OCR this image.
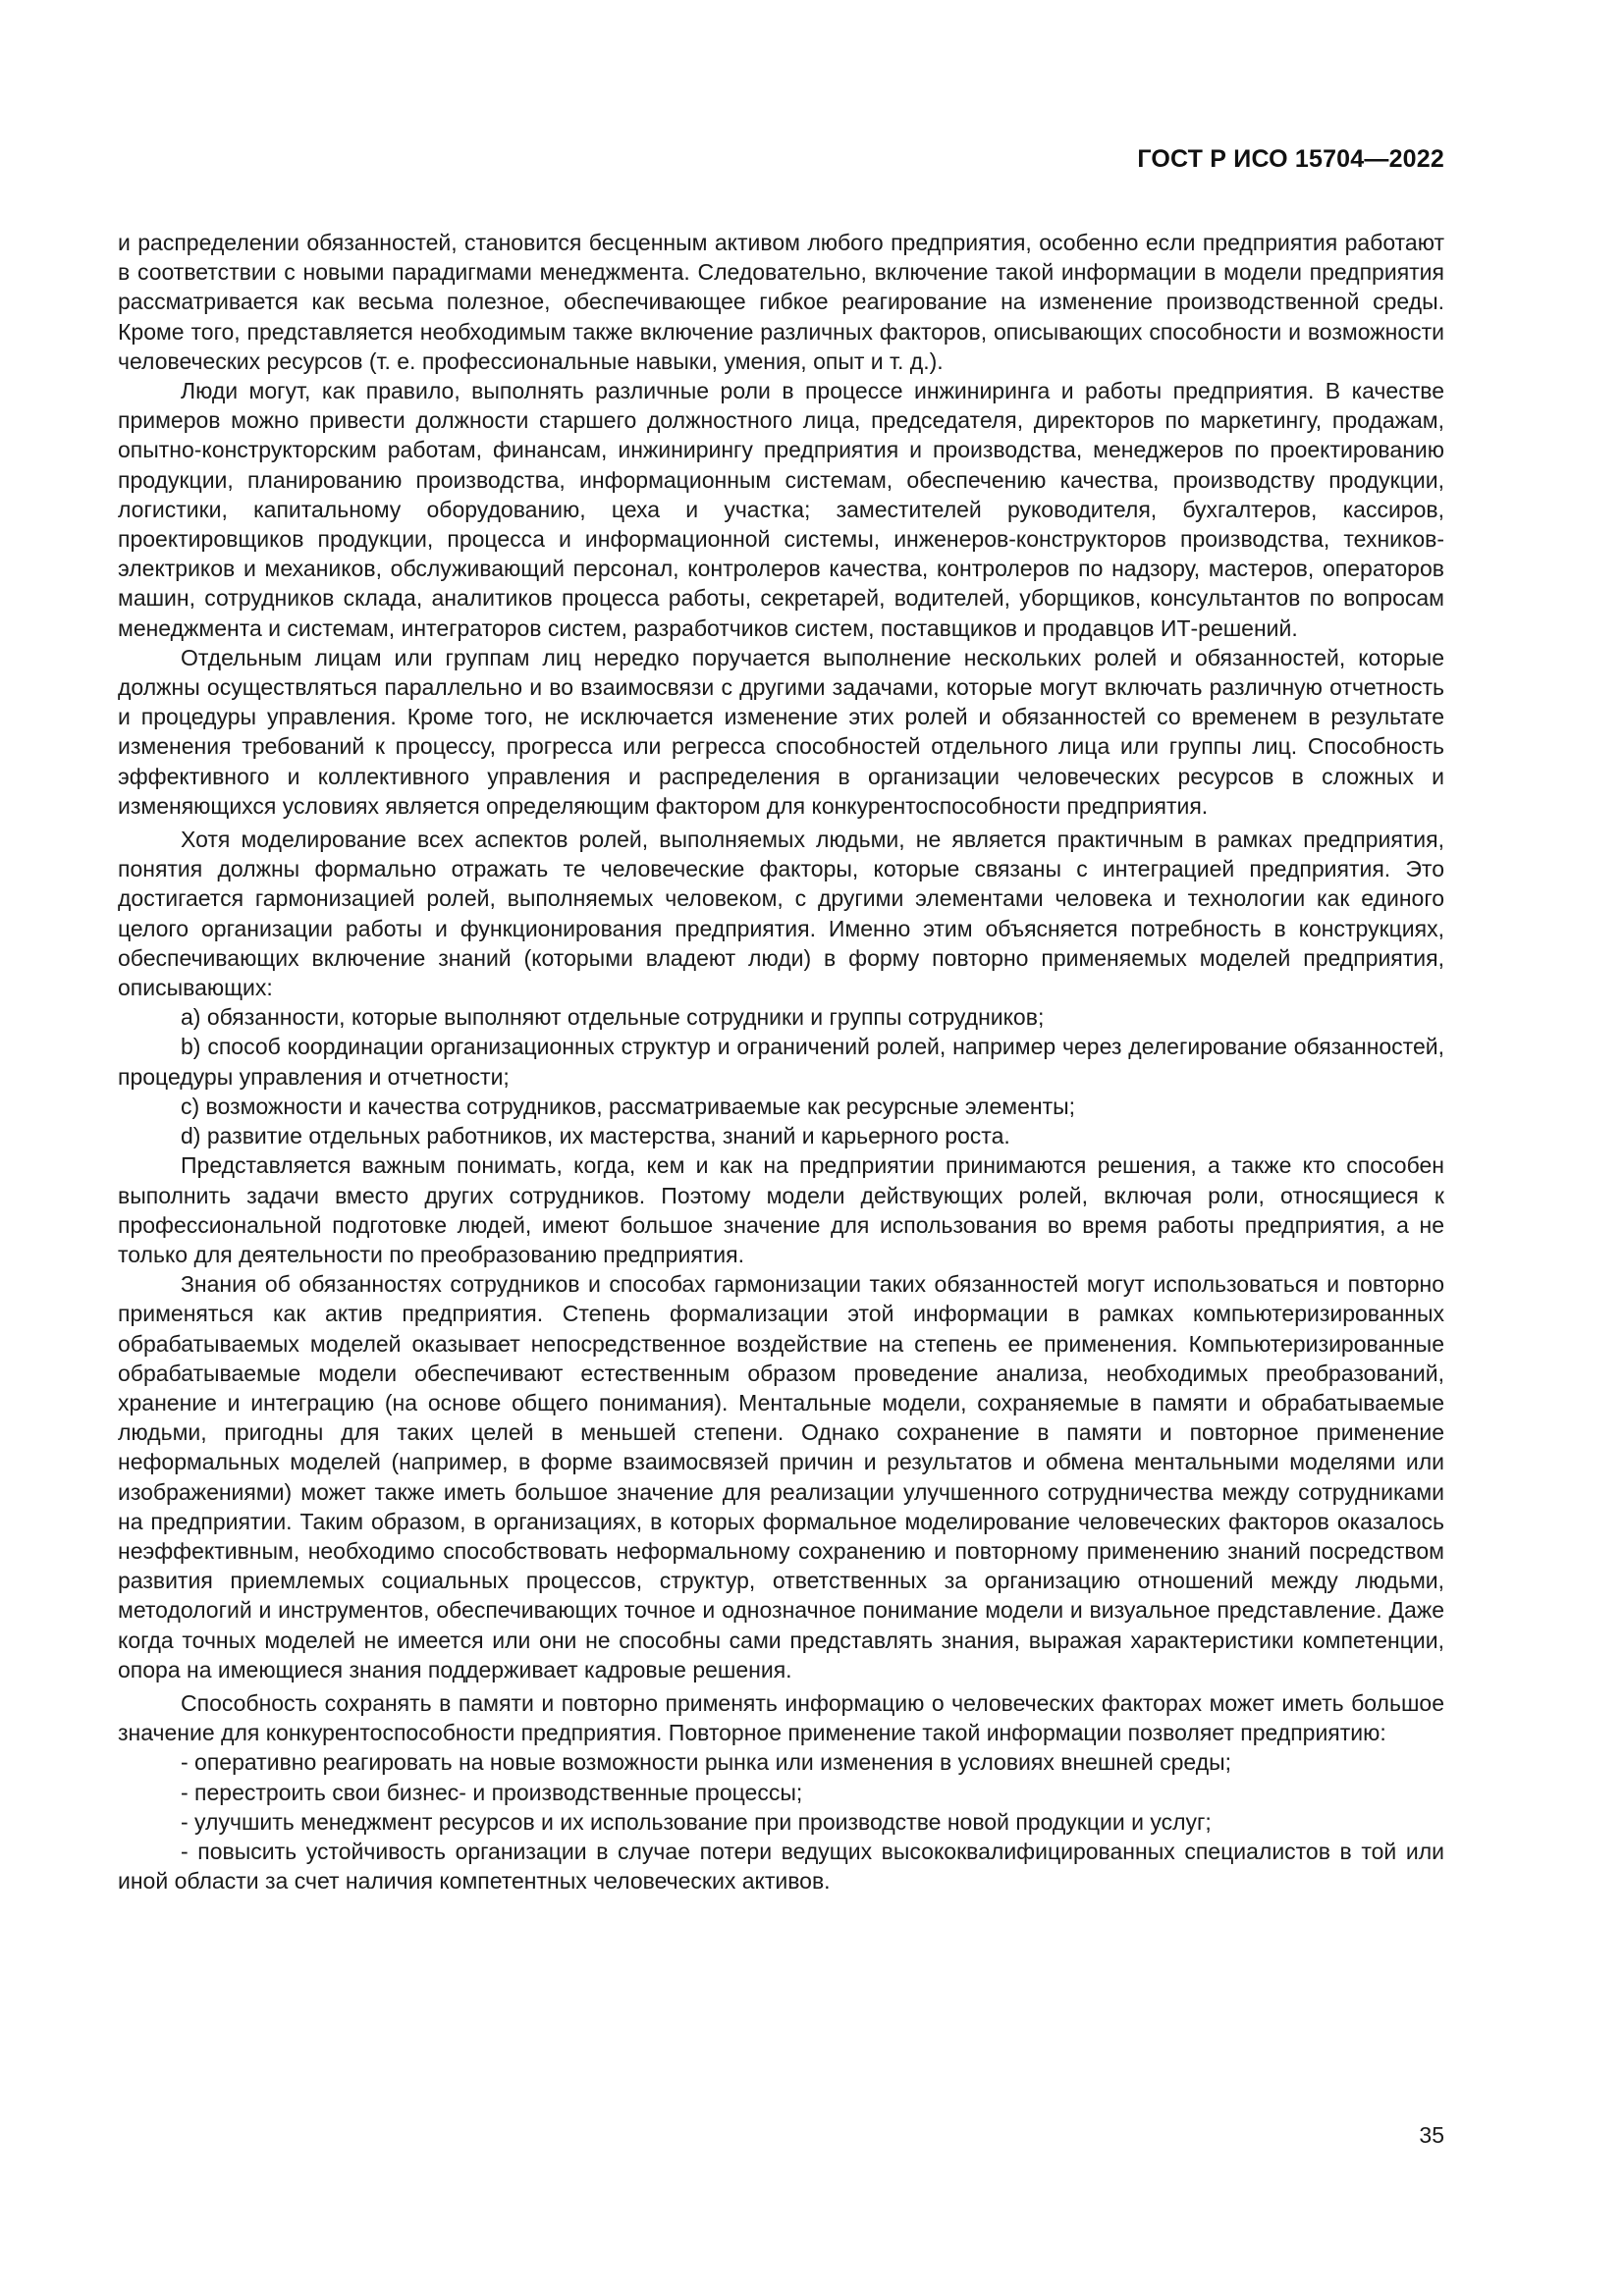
ГОСТ Р ИСО 15704—2022

и распределении обязанностей, становится бесценным активом любого предприятия, особенно если предприятия работают в соответствии с новыми парадигмами менеджмента. Следовательно, включение такой информации в модели предприятия рассматривается как весьма полезное, обеспечивающее гибкое реагирование на изменение производственной среды. Кроме того, представляется необходимым также включение различных факторов, описывающих способности и возможности человеческих ресурсов (т. е. профессиональные навыки, умения, опыт и т. д.).

Люди могут, как правило, выполнять различные роли в процессе инжиниринга и работы предприятия. В качестве примеров можно привести должности старшего должностного лица, председателя, директоров по маркетингу, продажам, опытно-конструкторским работам, финансам, инжинирингу предприятия и производства, менеджеров по проектированию продукции, планированию производства, информационным системам, обеспечению качества, производству продукции, логистики, капитальному оборудованию, цеха и участка; заместителей руководителя, бухгалтеров, кассиров, проектировщиков продукции, процесса и информационной системы, инженеров-конструкторов производства, техников-электриков и механиков, обслуживающий персонал, контролеров качества, контролеров по надзору, мастеров, операторов машин, сотрудников склада, аналитиков процесса работы, секретарей, водителей, уборщиков, консультантов по вопросам менеджмента и системам, интеграторов систем, разработчиков систем, поставщиков и продавцов ИТ-решений.

Отдельным лицам или группам лиц нередко поручается выполнение нескольких ролей и обязанностей, которые должны осуществляться параллельно и во взаимосвязи с другими задачами, которые могут включать различную отчетность и процедуры управления. Кроме того, не исключается изменение этих ролей и обязанностей со временем в результате изменения требований к процессу, прогресса или регресса способностей отдельного лица или группы лиц. Способность эффективного и коллективного управления и распределения в организации человеческих ресурсов в сложных и изменяющихся условиях является определяющим фактором для конкурентоспособности предприятия.

Хотя моделирование всех аспектов ролей, выполняемых людьми, не является практичным в рамках предприятия, понятия должны формально отражать те человеческие факторы, которые связаны с интеграцией предприятия. Это достигается гармонизацией ролей, выполняемых человеком, с другими элементами человека и технологии как единого целого организации работы и функционирования предприятия. Именно этим объясняется потребность в конструкциях, обеспечивающих включение знаний (которыми владеют люди) в форму повторно применяемых моделей предприятия, описывающих:

a) обязанности, которые выполняют отдельные сотрудники и группы сотрудников;

b) способ координации организационных структур и ограничений ролей, например через делегирование обязанностей, процедуры управления и отчетности;

c) возможности и качества сотрудников, рассматриваемые как ресурсные элементы;

d) развитие отдельных работников, их мастерства, знаний и карьерного роста.

Представляется важным понимать, когда, кем и как на предприятии принимаются решения, а также кто способен выполнить задачи вместо других сотрудников. Поэтому модели действующих ролей, включая роли, относящиеся к профессиональной подготовке людей, имеют большое значение для использования во время работы предприятия, а не только для деятельности по преобразованию предприятия.

Знания об обязанностях сотрудников и способах гармонизации таких обязанностей могут использоваться и повторно применяться как актив предприятия. Степень формализации этой информации в рамках компьютеризированных обрабатываемых моделей оказывает непосредственное воздействие на степень ее применения. Компьютеризированные обрабатываемые модели обеспечивают естественным образом проведение анализа, необходимых преобразований, хранение и интеграцию (на основе общего понимания). Ментальные модели, сохраняемые в памяти и обрабатываемые людьми, пригодны для таких целей в меньшей степени. Однако сохранение в памяти и повторное применение неформальных моделей (например, в форме взаимосвязей причин и результатов и обмена ментальными моделями или изображениями) может также иметь большое значение для реализации улучшенного сотрудничества между сотрудниками на предприятии. Таким образом, в организациях, в которых формальное моделирование человеческих факторов оказалось неэффективным, необходимо способствовать неформальному сохранению и повторному применению знаний посредством развития приемлемых социальных процессов, структур, ответственных за организацию отношений между людьми, методологий и инструментов, обеспечивающих точное и однозначное понимание модели и визуальное представление. Даже когда точных моделей не имеется или они не способны сами представлять знания, выражая характеристики компетенции, опора на имеющиеся знания поддерживает кадровые решения.

Способность сохранять в памяти и повторно применять информацию о человеческих факторах может иметь большое значение для конкурентоспособности предприятия. Повторное применение такой информации позволяет предприятию:

- оперативно реагировать на новые возможности рынка или изменения в условиях внешней среды;

- перестроить свои бизнес- и производственные процессы;

- улучшить менеджмент ресурсов и их использование при производстве новой продукции и услуг;

- повысить устойчивость организации в случае потери ведущих высококвалифицированных специалистов в той или иной области за счет наличия компетентных человеческих активов.

35
